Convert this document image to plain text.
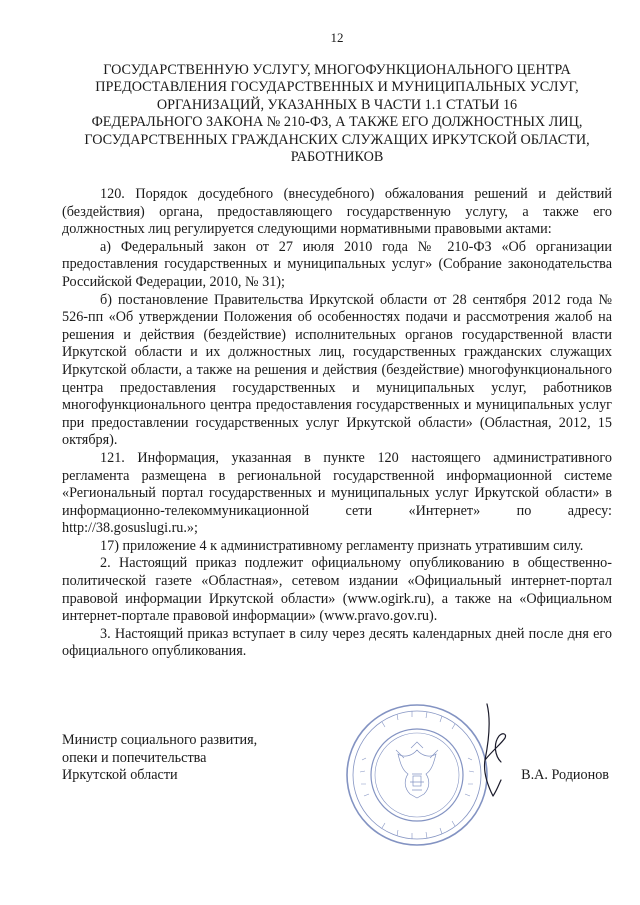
12
ГОСУДАРСТВЕННУЮ УСЛУГУ, МНОГОФУНКЦИОНАЛЬНОГО ЦЕНТРА
ПРЕДОСТАВЛЕНИЯ ГОСУДАРСТВЕННЫХ И МУНИЦИПАЛЬНЫХ УСЛУГ,
ОРГАНИЗАЦИЙ, УКАЗАННЫХ В ЧАСТИ 1.1 СТАТЬИ 16
ФЕДЕРАЛЬНОГО ЗАКОНА № 210-ФЗ, А ТАКЖЕ ЕГО ДОЛЖНОСТНЫХ ЛИЦ,
ГОСУДАРСТВЕННЫХ ГРАЖДАНСКИХ СЛУЖАЩИХ ИРКУТСКОЙ ОБЛАСТИ,
РАБОТНИКОВ

120. Порядок досудебного (внесудебного) обжалования решений и действий (бездействия) органа, предоставляющего государственную услугу, а также его должностных лиц регулируется следующими нормативными правовыми актами:

а) Федеральный закон от 27 июля 2010 года № 210-ФЗ «Об организации предоставления государственных и муниципальных услуг» (Собрание законодательства Российской Федерации, 2010, № 31);

б) постановление Правительства Иркутской области от 28 сентября 2012 года № 526-пп «Об утверждении Положения об особенностях подачи и рассмотрения жалоб на решения и действия (бездействие) исполнительных органов государственной власти Иркутской области и их должностных лиц, государственных гражданских служащих Иркутской области, а также на решения и действия (бездействие) многофункционального центра предоставления государственных и муниципальных услуг, работников многофункционального центра предоставления государственных и муниципальных услуг при предоставлении государственных услуг Иркутской области» (Областная, 2012, 15 октября).

121. Информация, указанная в пункте 120 настоящего административного регламента размещена в региональной государственной информационной системе «Региональный портал государственных и муниципальных услуг Иркутской области» в информационно-телекоммуникационной сети «Интернет» по адресу: http://38.gosuslugi.ru.»;

17) приложение 4 к административному регламенту признать утратившим силу.

2. Настоящий приказ подлежит официальному опубликованию в общественно-политической газете «Областная», сетевом издании «Официальный интернет-портал правовой информации Иркутской области» (www.ogirk.ru), а также на «Официальном интернет-портале правовой информации» (www.pravo.gov.ru).

3. Настоящий приказ вступает в силу через десять календарных дней после дня его официального опубликования.

Министр социального развития,
опеки и попечительства
Иркутской области	В.А. Родионов
